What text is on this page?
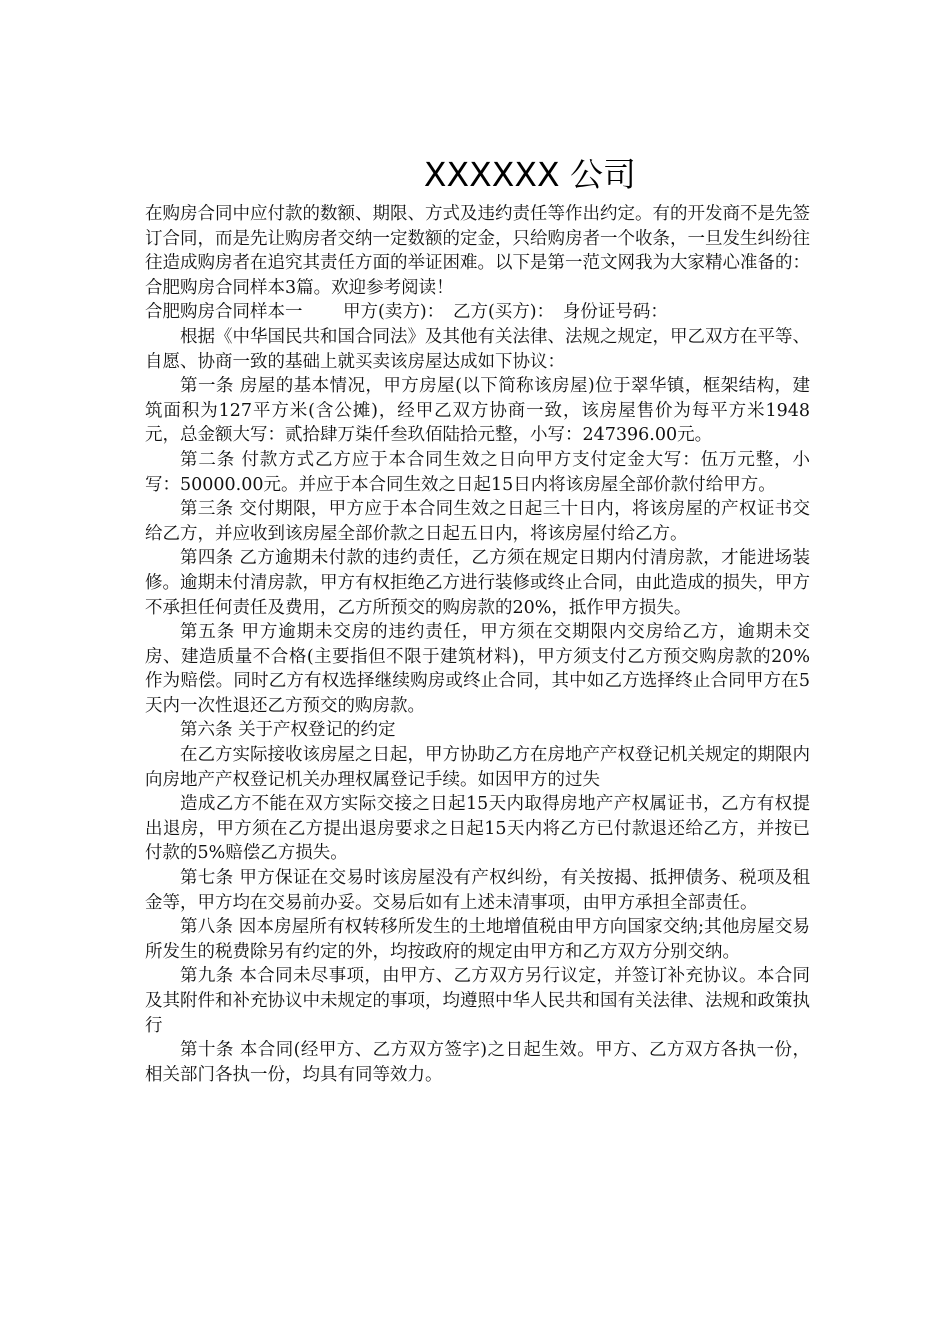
XXXXXX 公司

在购房合同中应付款的数额、期限、方式及违约责任等作出约定。有的开发商不是先签订合同，而是先让购房者交纳一定数额的定金，只给购房者一个收条，一旦发生纠纷往往造成购房者在追究其责任方面的举证困难。以下是第一范文网我为大家精心准备的：合肥购房合同样本3篇。欢迎参考阅读！

合肥购房合同样本一　　 甲方(卖方)：　乙方(买方)：　身份证号码：

根据《中华国民共和国合同法》及其他有关法律、法规之规定，甲乙双方在平等、自愿、协商一致的基础上就买卖该房屋达成如下协议：

第一条 房屋的基本情况，甲方房屋(以下简称该房屋)位于翠华镇，框架结构，建筑面积为127平方米(含公摊)，经甲乙双方协商一致，该房屋售价为每平方米1948元，总金额大写：贰拾肆万柒仟叁玖佰陆拾元整，小写：247396.00元。

第二条 付款方式乙方应于本合同生效之日向甲方支付定金大写：伍万元整，小写：50000.00元。并应于本合同生效之日起15日内将该房屋全部价款付给甲方。

第三条 交付期限，甲方应于本合同生效之日起三十日内，将该房屋的产权证书交给乙方，并应收到该房屋全部价款之日起五日内，将该房屋付给乙方。

第四条 乙方逾期未付款的违约责任，乙方须在规定日期内付清房款，才能进场装修。逾期未付清房款，甲方有权拒绝乙方进行装修或终止合同，由此造成的损失，甲方不承担任何责任及费用，乙方所预交的购房款的20%，抵作甲方损失。

第五条 甲方逾期未交房的违约责任，甲方须在交期限内交房给乙方，逾期未交房、建造质量不合格(主要指但不限于建筑材料)，甲方须支付乙方预交购房款的20%作为赔偿。同时乙方有权选择继续购房或终止合同，其中如乙方选择终止合同甲方在5天内一次性退还乙方预交的购房款。

第六条 关于产权登记的约定

在乙方实际接收该房屋之日起，甲方协助乙方在房地产产权登记机关规定的期限内向房地产产权登记机关办理权属登记手续。如因甲方的过失

造成乙方不能在双方实际交接之日起15天内取得房地产产权属证书，乙方有权提出退房，甲方须在乙方提出退房要求之日起15天内将乙方已付款退还给乙方，并按已付款的5%赔偿乙方损失。

第七条 甲方保证在交易时该房屋没有产权纠纷，有关按揭、抵押债务、税项及租金等，甲方均在交易前办妥。交易后如有上述未清事项，由甲方承担全部责任。

第八条 因本房屋所有权转移所发生的土地增值税由甲方向国家交纳;其他房屋交易所发生的税费除另有约定的外，均按政府的规定由甲方和乙方双方分别交纳。

第九条 本合同未尽事项，由甲方、乙方双方另行议定，并签订补充协议。本合同及其附件和补充协议中未规定的事项，均遵照中华人民共和国有关法律、法规和政策执行

第十条 本合同(经甲方、乙方双方签字)之日起生效。甲方、乙方双方各执一份，相关部门各执一份，均具有同等效力。
